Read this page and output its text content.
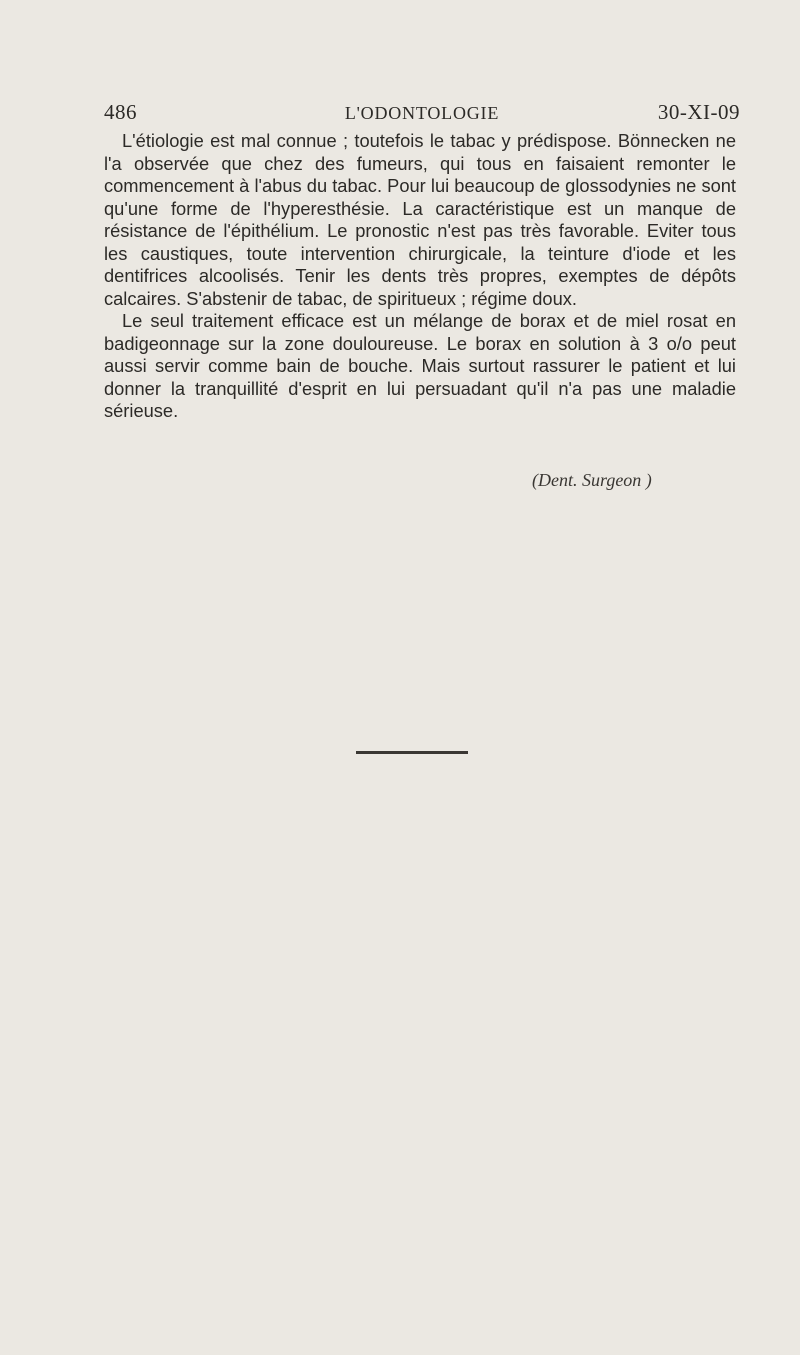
486	L'ODONTOLOGIE	30-XI-09

L'étiologie est mal connue ; toutefois le tabac y prédispose. Bönnecken ne l'a observée que chez des fumeurs, qui tous en faisaient remonter le commencement à l'abus du tabac. Pour lui beaucoup de glossodynies ne sont qu'une forme de l'hyperesthésie. La caractéristique est un manque de résistance de l'épithélium. Le pronostic n'est pas très favorable. Eviter tous les caustiques, toute intervention chirurgicale, la teinture d'iode et les dentifrices alcoolisés. Tenir les dents très propres, exemptes de dépôts calcaires. S'abstenir de tabac, de spiritueux ; régime doux.

Le seul traitement efficace est un mélange de borax et de miel rosat en badigeonnage sur la zone douloureuse. Le borax en solution à 3 o/o peut aussi servir comme bain de bouche. Mais surtout rassurer le patient et lui donner la tranquillité d'esprit en lui persuadant qu'il n'a pas une maladie sérieuse.

(Dent. Surgeon )
